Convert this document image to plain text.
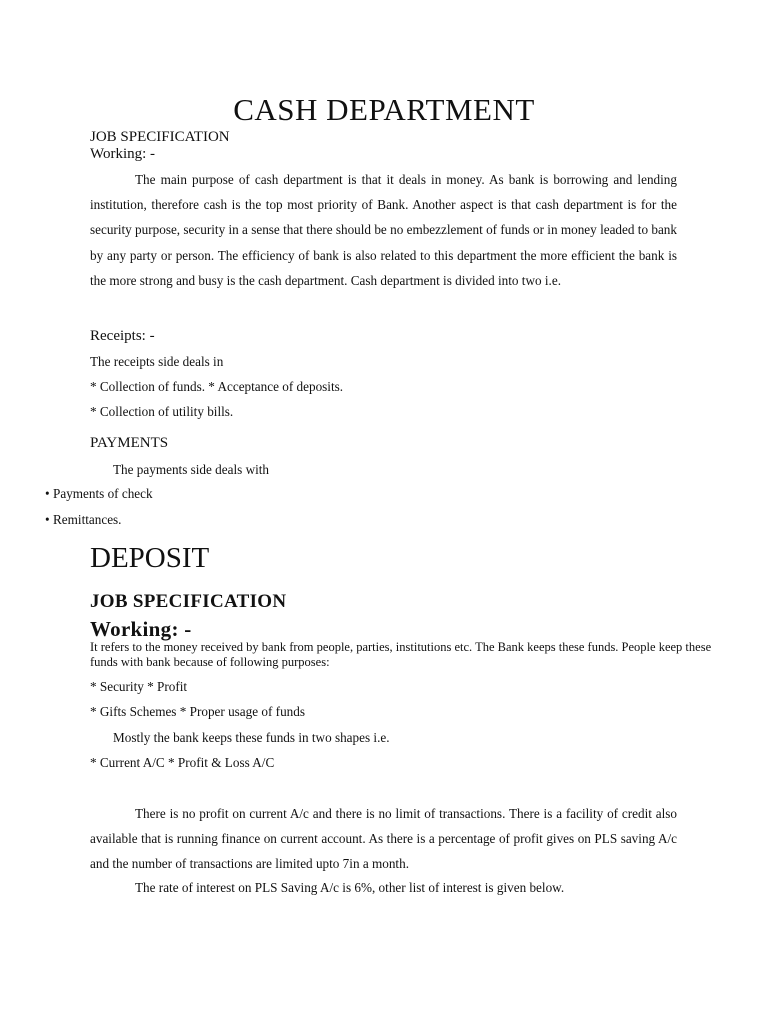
CASH DEPARTMENT

JOB SPECIFICATION

Working: -

The main purpose of cash department is that it deals in money. As bank is borrowing and lending institution, therefore cash is the top most priority of Bank. Another aspect is that cash department is for the security purpose, security in a sense that there should be no embezzlement of funds or in money leaded to bank by any party or person. The efficiency of bank is also related to this department the more efficient the bank is the more strong and busy is the cash department. Cash department is divided into two i.e.

Receipts: -

The receipts side deals in

* Collection of funds. * Acceptance of deposits.

* Collection of utility bills.

PAYMENTS

The payments side deals with

• Payments of check

• Remittances.

DEPOSIT

JOB SPECIFICATION

Working: -

It refers to the money received by bank from people, parties, institutions etc. The Bank keeps these funds. People keep these funds with bank because of following purposes:

* Security * Profit

* Gifts Schemes * Proper usage of funds

Mostly the bank keeps these funds in two shapes i.e.

* Current A/C * Profit & Loss A/C

There is no profit on current A/c and there is no limit of transactions. There is a facility of credit also available that is running finance on current account. As there is a percentage of profit gives on PLS saving A/c and the number of transactions are limited upto 7in a month.

The rate of interest on PLS Saving A/c is 6%, other list of interest is given below.
